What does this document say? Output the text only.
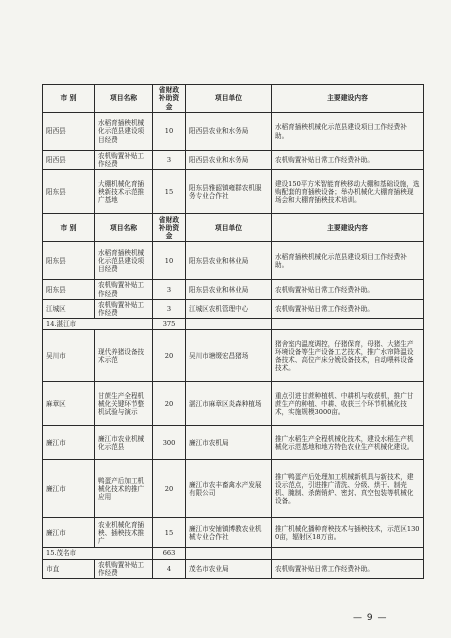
市 别	项目名称	省财政补助资金	项目单位	主要建设内容
阳西县	水稻育插秧机械化示范县建设项目经费	10	阳西县农业和水务局	水稻育插秧机械化示范县建设项目工作经费补助。
阳西县	农机购置补贴工作经费	3	阳西县农业和水务局	农机购置补贴日常工作经费补助。
阳东县	大棚机械化育插秧新技术示范推广基地	15	阳东县雅韶镇雍群农机服务专业合作社	建设150平方米智能育秧移动大棚和基础设施，选购配套的育插秧设备；举办机械化大棚育插秧现场会和大棚育插秧技术培训。
市 别	项目名称	省财政补助资金	项目单位	主要建设内容
阳东县	水稻育插秧机械化示范县建设项目经费	10	阳东县农业和林业局	水稻育插秧机械化示范县建设项目工作经费补助。
阳东县	农机购置补贴工作经费	3	阳东县农业和林业局	农机购置补贴日常工作经费补助。
江城区	农机购置补贴工作经费	3	江城区农机管理中心	农机购置补贴日常工作经费补助。
14.湛江市		375		
吴川市	现代养猪设备技术示范	20	吴川市塘缀宏昌猪场	猪舍室内温度调控，仔猪保育，母猪、大猪生产环境设备等生产设备工艺技术，推广水帘降温设备技术、高位产床分娩设备技术，自动喂料设备技术。
麻章区	甘蔗生产全程机械化关键环节整机试验与演示	20	湛江市麻章区炎森种植场	重点引进甘蔗种植机、中耕机与收获机，推广甘蔗生产的种植、中耕、收获三个环节机械化技术，实施规模3000亩。
廉江市	廉江市农业机械化示范县	300	廉江市农机局	推广水稻生产全程机械化技术，建设水稻生产机械化示范基地和地方特色农业生产机械化建设。
廉江市	鸭蛋产后加工机械化技术的推广应用	20	廉江市农丰畜禽水产发展有限公司	推广鸭蛋产后处理加工机械新机具与新技术，建设示范点，引进推广清洗、分级、烘干、制壳机、腌制、杀菌销炉、密封、真空包装等机械化设备。
廉江市	农业机械化育插秧、插秧技术推广	15	廉江市安铺镇博教农业机械专业合作社	推广机械化播种育秧技术与插秧技术，示范区1300亩，辐射区18万亩。
15.茂名市		663		
市直	农机购置补贴工作经费	4	茂名市农业局	农机购置补贴日常工作经费补助。
— 9 —
